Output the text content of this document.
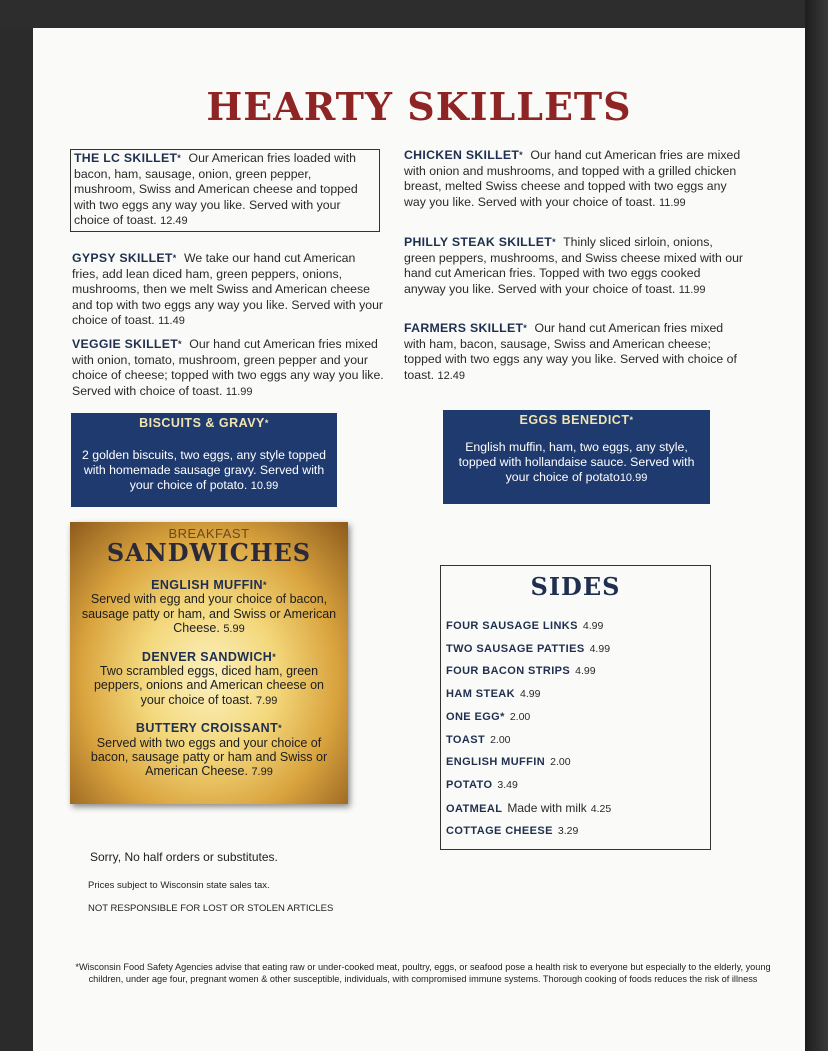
HEARTY SKILLETS
THE LC SKILLET * Our American fries loaded with bacon, ham, sausage, onion, green pepper, mushroom, Swiss and American cheese and topped with two eggs any way you like. Served with your choice of toast. 12.49
GYPSY SKILLET * We take our hand cut American fries, add lean diced ham, green peppers, onions, mushrooms, then we melt Swiss and American cheese and top with two eggs any way you like. Served with your choice of toast. 11.49
VEGGIE SKILLET * Our hand cut American fries mixed with onion, tomato, mushroom, green pepper and your choice of cheese; topped with two eggs any way you like. Served with choice of toast. 11.99
CHICKEN SKILLET * Our hand cut American fries are mixed with onion and mushrooms, and topped with a grilled chicken breast, melted Swiss cheese and topped with two eggs any way you like. Served with your choice of toast. 11.99
PHILLY STEAK SKILLET * Thinly sliced sirloin, onions, green peppers, mushrooms, and Swiss cheese mixed with our hand cut American fries. Topped with two eggs cooked anyway you like. Served with your choice of toast. 11.99
FARMERS SKILLET * Our hand cut American fries mixed with ham, bacon, sausage, Swiss and American cheese; topped with two eggs any way you like. Served with choice of toast. 12.49
BISCUITS & GRAVY *
2 golden biscuits, two eggs, any style topped with homemade sausage gravy. Served with your choice of potato. 10.99
EGGS BENEDICT *
English muffin, ham, two eggs, any style, topped with hollandaise sauce. Served with your choice of potato10.99
BREAKFAST
SANDWICHES
ENGLISH MUFFIN *
Served with egg and your choice of bacon, sausage patty or ham, and Swiss or American Cheese. 5.99
DENVER SANDWICH *
Two scrambled eggs, diced ham, green peppers, onions and American cheese on your choice of toast. 7.99
BUTTERY CROISSANT *
Served with two eggs and your choice of bacon, sausage patty or ham and Swiss or American Cheese. 7.99
SIDES
FOUR SAUSAGE LINKS 4.99
TWO SAUSAGE PATTIES 4.99
FOUR BACON STRIPS 4.99
HAM STEAK 4.99
ONE EGG* 2.00
TOAST 2.00
ENGLISH MUFFIN 2.00
POTATO 3.49
OATMEAL Made with milk 4.25
COTTAGE CHEESE 3.29
Sorry, No half orders or substitutes.
Prices subject to Wisconsin state sales tax.
NOT RESPONSIBLE FOR LOST OR STOLEN ARTICLES
*Wisconsin Food Safety Agencies advise that eating raw or under-cooked meat, poultry, eggs, or seafood pose a health risk to everyone but especially to the elderly, young children, under age four, pregnant women & other susceptible, individuals, with compromised immune systems. Thorough cooking of foods reduces the risk of illness
